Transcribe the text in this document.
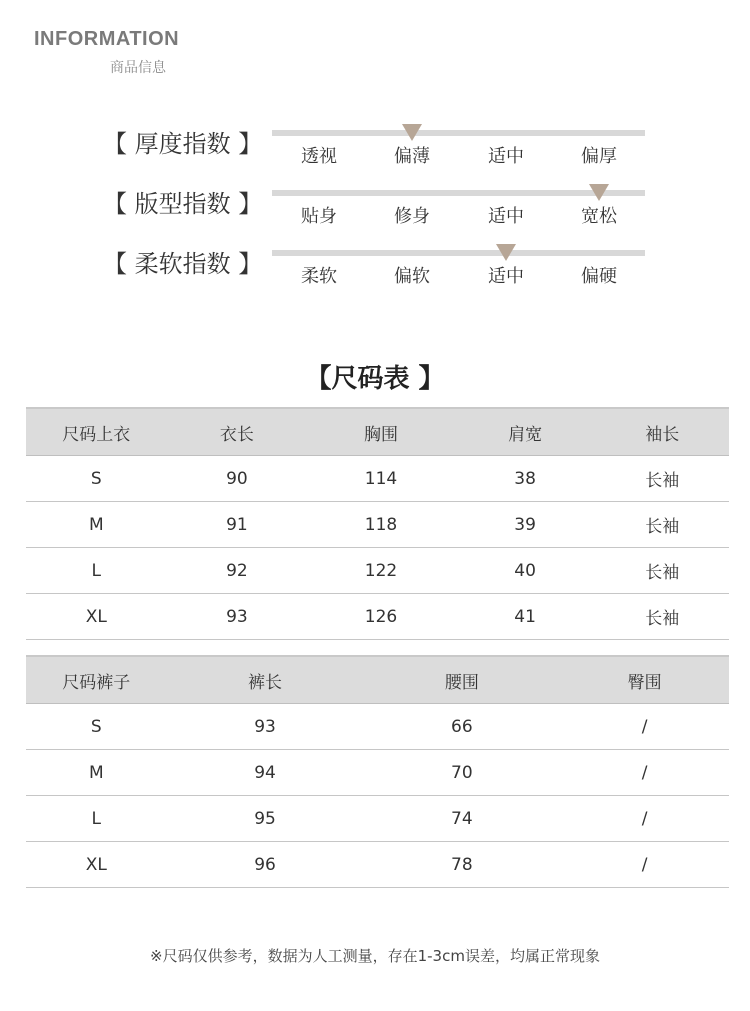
INFORMATION
商品信息
【 厚度指数 】	透视	偏薄	适中	偏厚
【 版型指数 】	贴身	修身	适中	宽松
【 柔软指数 】	柔软	偏软	适中	偏硬
【尺码表 】
尺码上衣	衣长	胸围	肩宽	袖长
S	90	114	38	长袖
M	91	118	39	长袖
L	92	122	40	长袖
XL	93	126	41	长袖
尺码裤子	裤长	腰围	臀围
S	93	66	/
M	94	70	/
L	95	74	/
XL	96	78	/
※尺码仅供参考，数据为人工测量，存在1-3cm误差，均属正常现象
